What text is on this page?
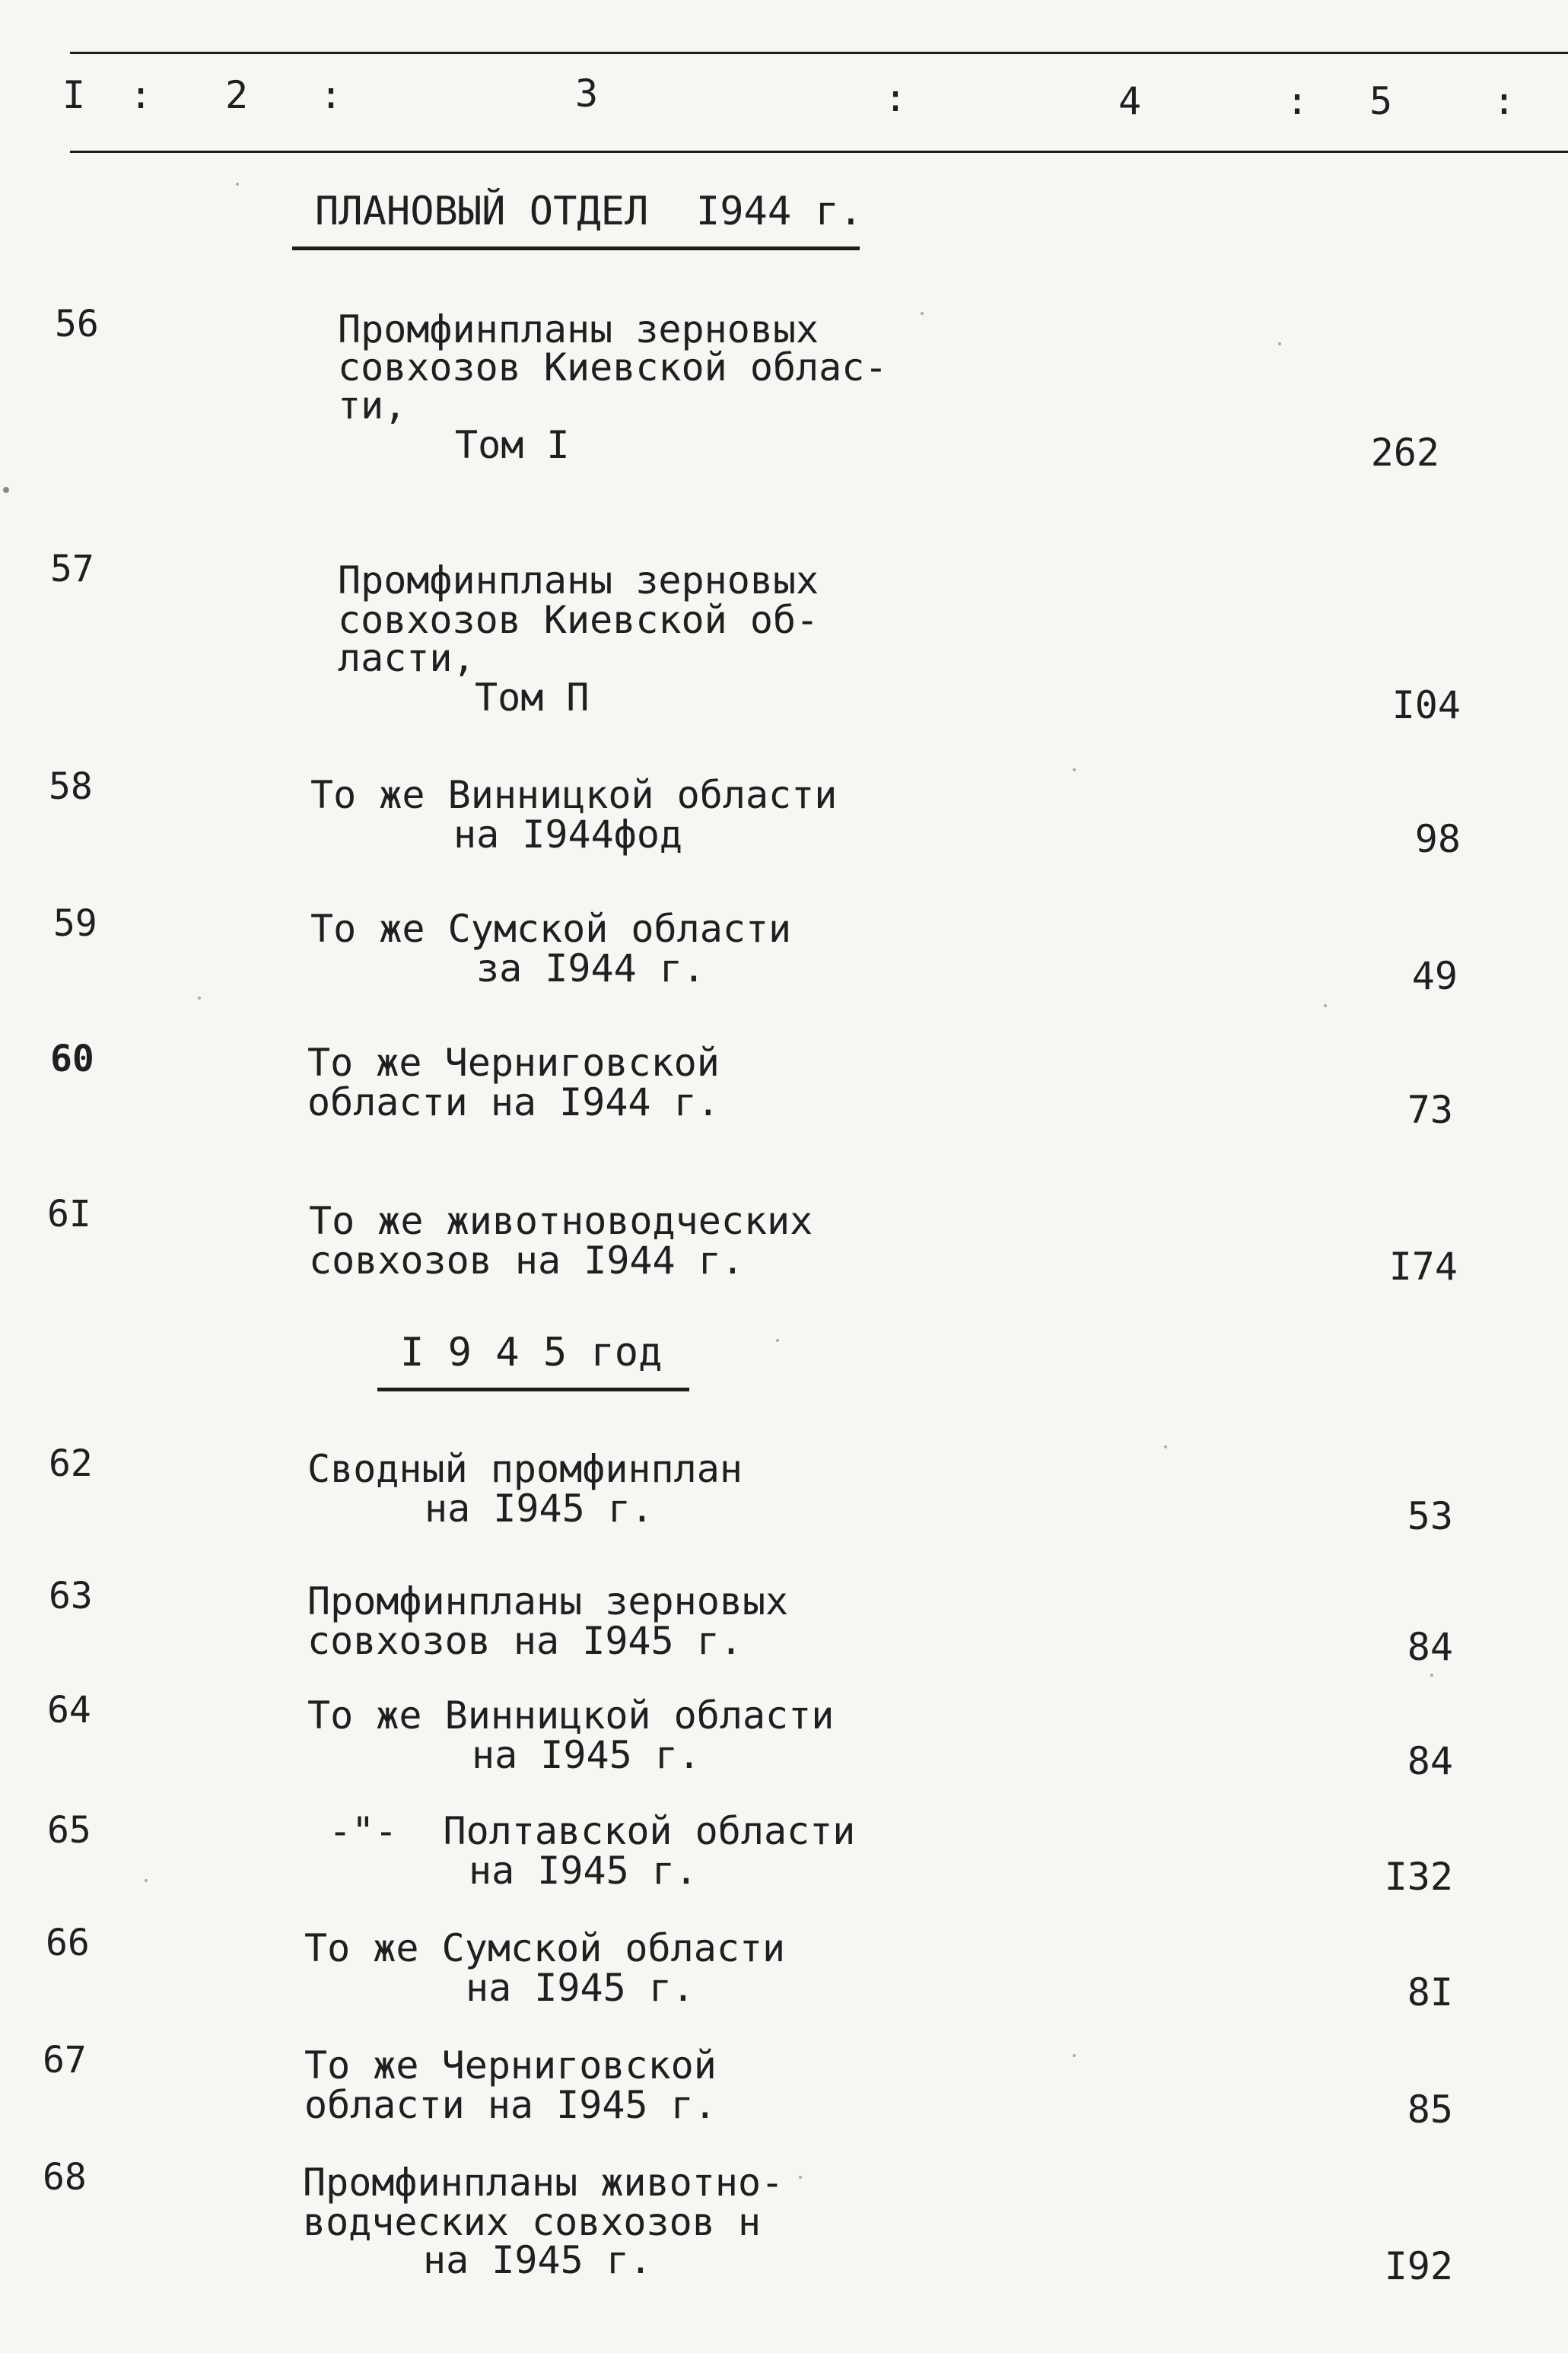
I : 2 :	3	:	4	: 5	:
ПЛАНОВЫЙ ОТДЕЛ  I944 г.
56	Промфинпланы зерновых
совхозов Киевской облас-
ти,
Том I	262
57	Промфинпланы зерновых
совхозов Киевской об-
ласти,
Том П	I04
58	То же Винницкой области
на I944фод	98
59	То же Сумской области
за I944 г.	49
60	То же Черниговской
области на I944 г.	73
6I	То же животноводческих
совхозов на I944 г.	I74
I 9 4 5 год
62	Сводный промфинплан
на I945 г.	53
63	Промфинпланы зерновых
совхозов на I945 г.	84
64	То же Винницкой области
на I945 г.	84
65	-"-  Полтавской области
на I945 г.	I32
66	То же Сумской области
на I945 г.	8I
67	То же Черниговской
области на I945 г.	85
68	Промфинпланы животно-
водческих совхозов н
на I945 г.	I92
